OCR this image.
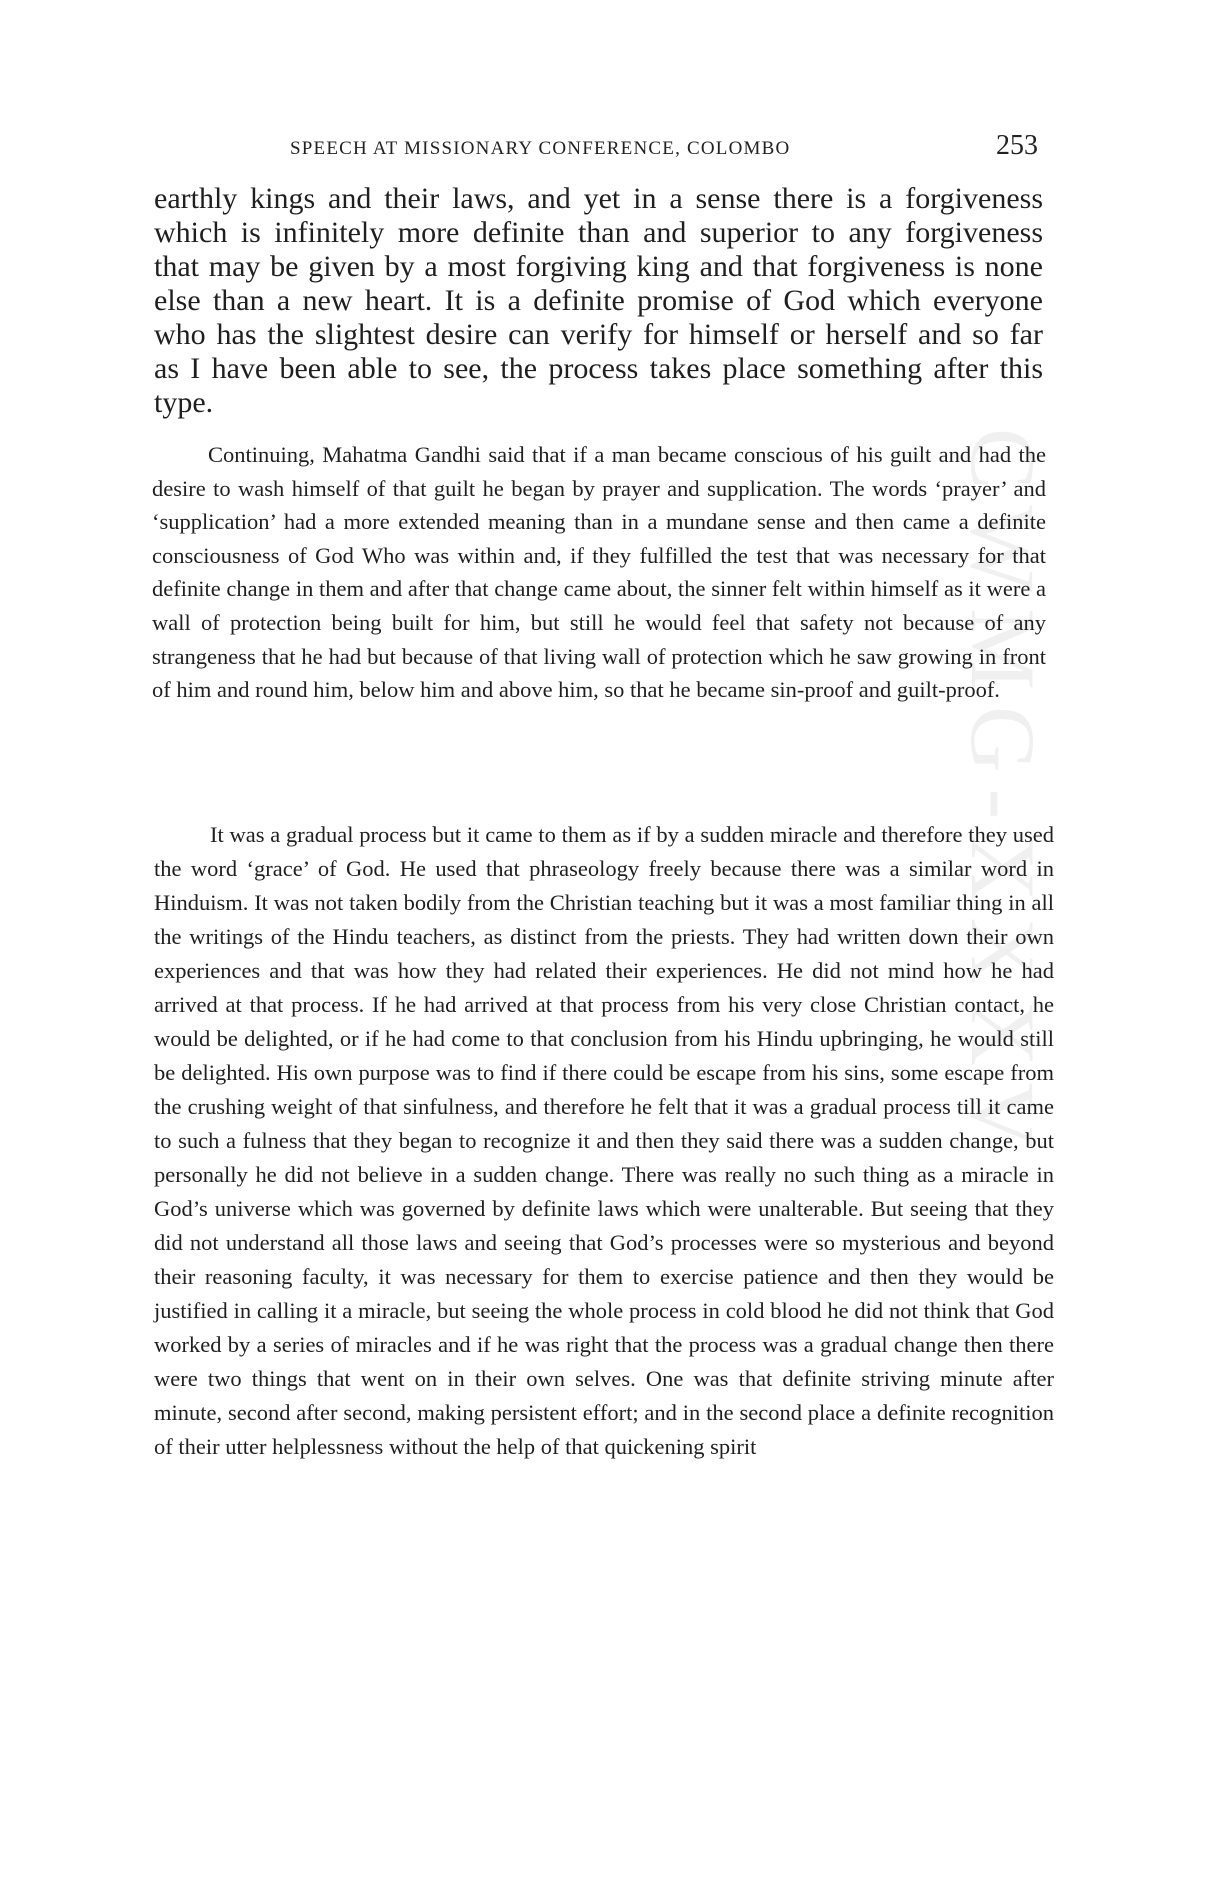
SPEECH AT MISSIONARY CONFERENCE, COLOMBO	253
CWMG-XXXV

earthly kings and their laws, and yet in a sense there is a forgiveness which is infinitely more definite than and superior to any forgiveness that may be given by a most forgiving king and that forgiveness is none else than a new heart. It is a definite promise of God which everyone who has the slightest desire can verify for himself or herself and so far as I have been able to see, the process takes place something after this type.

Continuing, Mahatma Gandhi said that if a man became conscious of his guilt and had the desire to wash himself of that guilt he began by prayer and supplication. The words ‘prayer’ and ‘supplication’ had a more extended meaning than in a mundane sense and then came a definite consciousness of God Who was within and, if they fulfilled the test that was necessary for that definite change in them and after that change came about, the sinner felt within himself as it were a wall of protection being built for him, but still he would feel that safety not because of any strangeness that he had but because of that living wall of protection which he saw growing in front of him and round him, below him and above him, so that he became sin-proof and guilt-proof.

It was a gradual process but it came to them as if by a sudden miracle and therefore they used the word ‘grace’ of God. He used that phraseology freely because there was a similar word in Hinduism. It was not taken bodily from the Christian teaching but it was a most familiar thing in all the writings of the Hindu teachers, as distinct from the priests. They had written down their own experiences and that was how they had related their experiences. He did not mind how he had arrived at that process. If he had arrived at that process from his very close Christian contact, he would be delighted, or if he had come to that conclusion from his Hindu upbringing, he would still be delighted. His own purpose was to find if there could be escape from his sins, some escape from the crushing weight of that sinfulness, and therefore he felt that it was a gradual process till it came to such a fulness that they began to recognize it and then they said there was a sudden change, but personally he did not believe in a sudden change. There was really no such thing as a miracle in God’s universe which was governed by definite laws which were unalterable. But seeing that they did not understand all those laws and seeing that God’s processes were so mysterious and beyond their reasoning faculty, it was necessary for them to exercise patience and then they would be justified in calling it a miracle, but seeing the whole process in cold blood he did not think that God worked by a series of miracles and if he was right that the process was a gradual change then there were two things that went on in their own selves. One was that definite striving minute after minute, second after second, making persistent effort; and in the second place a definite recognition of their utter helplessness without the help of that quickening spirit
